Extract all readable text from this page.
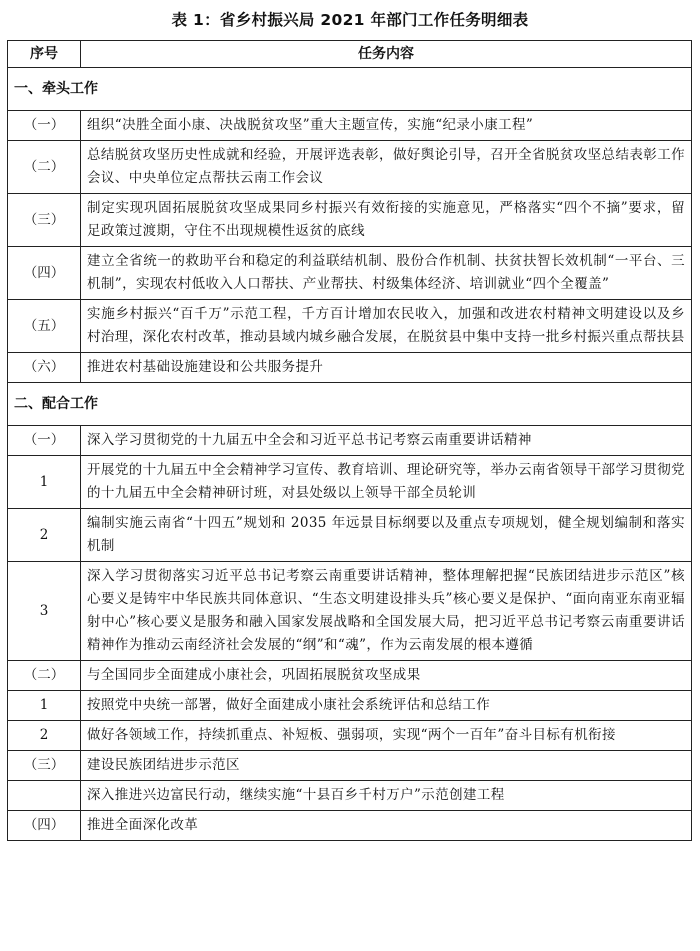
表 1：省乡村振兴局 2021 年部门工作任务明细表
序号	任务内容
一、牵头工作	
（一）	组织“决胜全面小康、决战脱贫攻坚”重大主题宣传，实施“纪录小康工程”
（二）	总结脱贫攻坚历史性成就和经验，开展评选表彰，做好舆论引导，召开全省脱贫攻坚总结表彰工作会议、中央单位定点帮扶云南工作会议
（三）	制定实现巩固拓展脱贫攻坚成果同乡村振兴有效衔接的实施意见，严格落实“四个不摘”要求，留足政策过渡期，守住不出现规模性返贫的底线
（四）	建立全省统一的救助平台和稳定的利益联结机制、股份合作机制、扶贫扶智长效机制“一平台、三机制”，实现农村低收入人口帮扶、产业帮扶、村级集体经济、培训就业“四个全覆盖”
（五）	实施乡村振兴“百千万”示范工程，千方百计增加农民收入，加强和改进农村精神文明建设以及乡村治理，深化农村改革，推动县域内城乡融合发展，在脱贫县中集中支持一批乡村振兴重点帮扶县
（六）	推进农村基础设施建设和公共服务提升
二、配合工作	
（一）	深入学习贯彻党的十九届五中全会和习近平总书记考察云南重要讲话精神
1	开展党的十九届五中全会精神学习宣传、教育培训、理论研究等，举办云南省领导干部学习贯彻党的十九届五中全会精神研讨班，对县处级以上领导干部全员轮训
2	编制实施云南省“十四五”规划和 2035 年远景目标纲要以及重点专项规划，健全规划编制和落实机制
3	深入学习贯彻落实习近平总书记考察云南重要讲话精神，整体理解把握“民族团结进步示范区”核心要义是铸牢中华民族共同体意识、“生态文明建设排头兵”核心要义是保护、“面向南亚东南亚辐射中心”核心要义是服务和融入国家发展战略和全国发展大局，把习近平总书记考察云南重要讲话精神作为推动云南经济社会发展的“纲”和“魂”，作为云南发展的根本遵循
（二）	与全国同步全面建成小康社会，巩固拓展脱贫攻坚成果
1	按照党中央统一部署，做好全面建成小康社会系统评估和总结工作
2	做好各领域工作，持续抓重点、补短板、强弱项，实现“两个一百年”奋斗目标有机衔接
（三）	建设民族团结进步示范区
	深入推进兴边富民行动，继续实施“十县百乡千村万户”示范创建工程
（四）	推进全面深化改革
